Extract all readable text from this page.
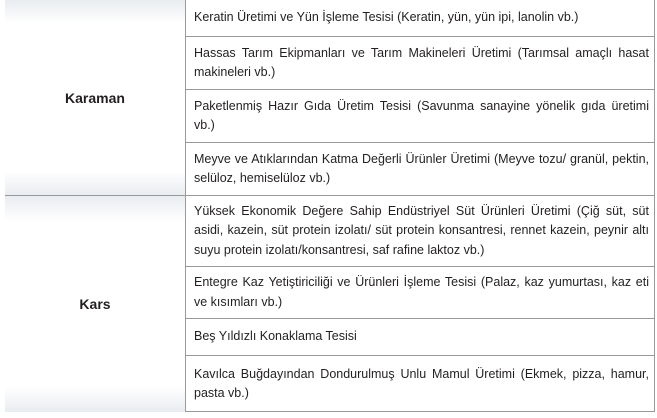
Karaman
Keratin Üretimi ve Yün İşleme Tesisi (Keratin, yün, yün ipi, lanolin vb.)
Hassas Tarım Ekipmanları ve Tarım Makineleri Üretimi (Tarımsal amaçlı hasat makineleri vb.)
Paketlenmiş Hazır Gıda Üretim Tesisi (Savunma sanayine yönelik gıda üretimi vb.)
Meyve ve Atıklarından Katma Değerli Ürünler Üretimi (Meyve tozu/ granül, pektin, selüloz, hemiselüloz vb.)
Kars
Yüksek Ekonomik Değere Sahip Endüstriyel Süt Ürünleri Üretimi (Çiğ süt, süt asidi, kazein, süt protein izolatı/ süt protein konsantresi, rennet kazein, peynir altı suyu protein izolatı/konsantresi, saf rafine laktoz vb.)
Entegre Kaz Yetiştiriciliği ve Ürünleri İşleme Tesisi (Palaz, kaz yumurtası, kaz eti ve kısımları vb.)
Beş Yıldızlı Konaklama Tesisi
Kavılca Buğdayından Dondurulmuş Unlu Mamul Üretimi (Ekmek, pizza, hamur, pasta vb.)
